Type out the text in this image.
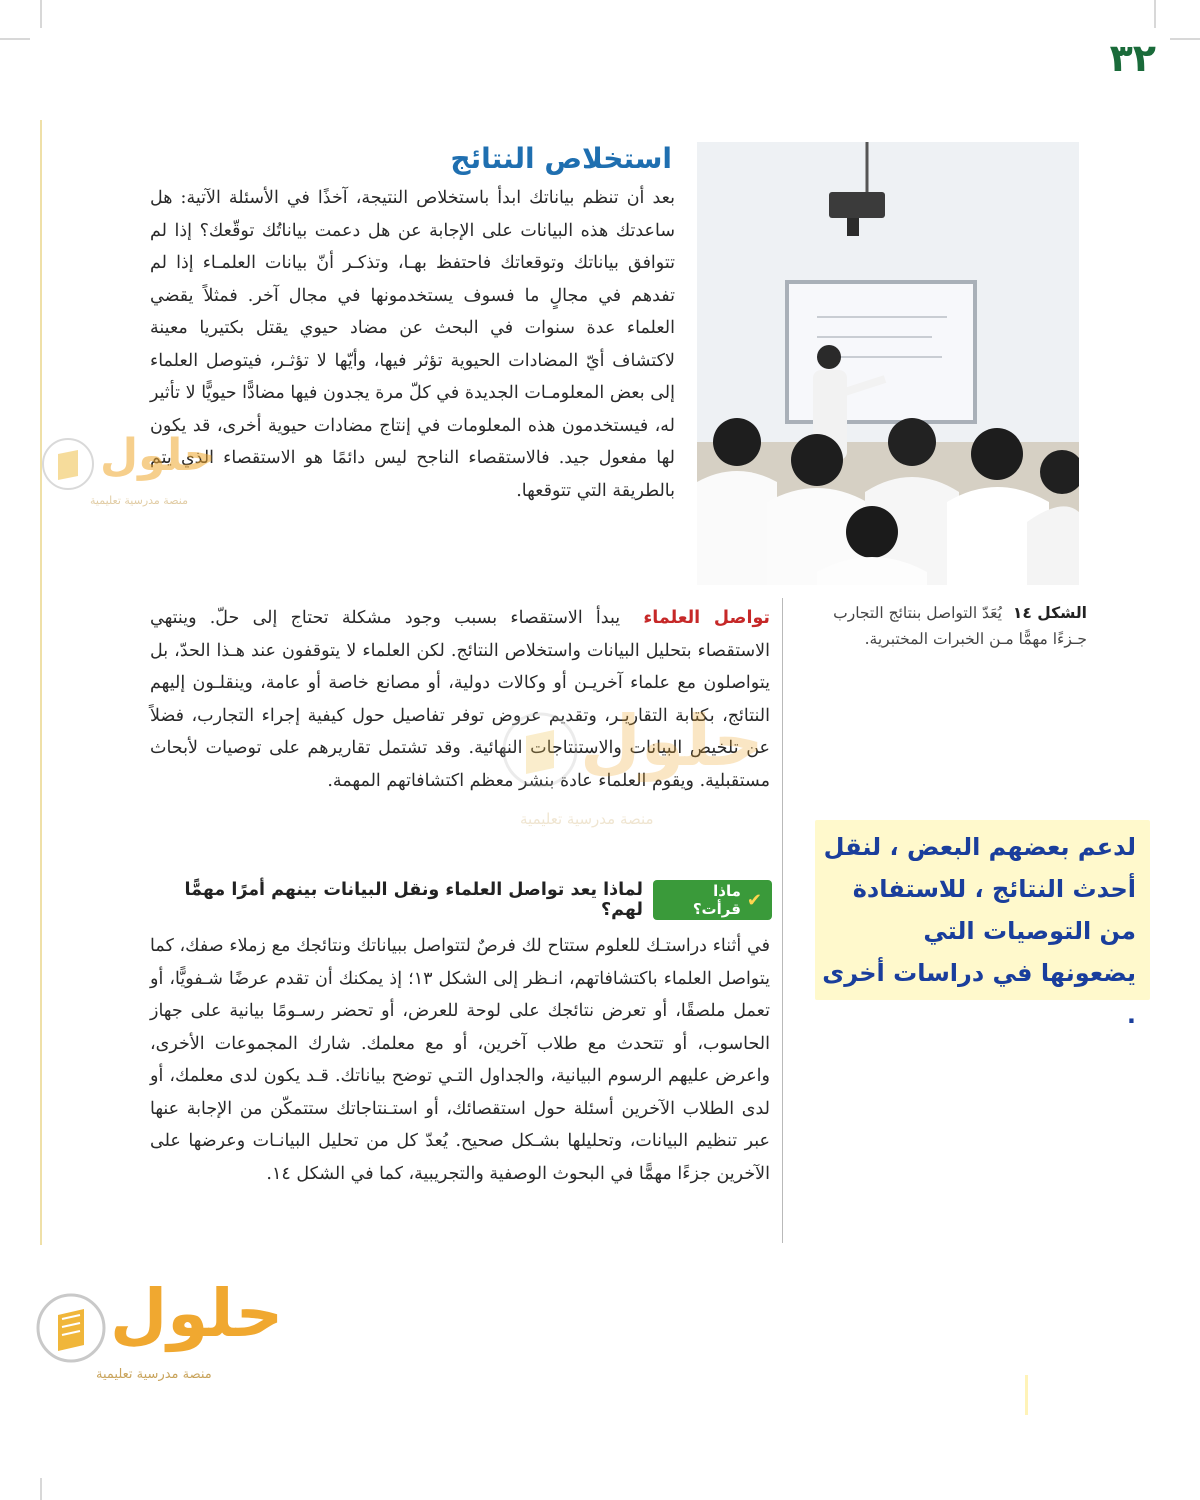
٣٢
استخلاص النتائج

بعد أن تنظم بياناتك ابدأ باستخلاص النتيجة، آخذًا في الأسئلة الآتية: هل ساعدتك هذه البيانات على الإجابة عن هل دعمت بياناتُك توقّعك؟ إذا لم تتوافق بياناتك وتوقعاتك فاحتفظ بهـا، وتذكـر أنّ بيانات العلمـاء إذا لم تفدهم في مجالٍ ما فسوف يستخدمونها في مجال آخر. فمثلاً يقضي العلماء عدة سنوات في البحث عن مضاد حيوي يقتل بكتيريا معينة لاكتشاف أيّ المضادات الحيوية تؤثر فيها، وأيّها لا تؤثـر، فيتوصل العلماء إلى بعض المعلومـات الجديدة في كلّ مرة يجدون فيها مضادًّا حيويًّا لا تأثير له، فيستخدمون هذه المعلومات في إنتاج مضادات حيوية أخرى، قد يكون لها مفعول جيد. فالاستقصاء الناجح ليس دائمًا هو الاستقصاء الذي يتم بالطريقة التي تتوقعها.

الشكل ١٤ يُعَدّ التواصل بنتائج التجارب جـزءًا مهمًّا مـن الخبرات المختبرية.

تواصل العلماء يبدأ الاستقصاء بسبب وجود مشكلة تحتاج إلى حلّ. وينتهي الاستقصاء بتحليل البيانات واستخلاص النتائج. لكن العلماء لا يتوقفون عند هـذا الحدّ، بل يتواصلون مع علماء آخريـن أو وكالات دولية، أو مصانع خاصة أو عامة، وينقلـون إليهم النتائج، بكتابة التقاريـر، وتقديم عروض توفر تفاصيل حول كيفية إجراء التجارب، فضلاً عن تلخيص البيانات والاستنتاجات النهائية. وقد تشتمل تقاريرهم على توصيات لأبحاث مستقبلية. ويقوم العلماء عادة بنشر معظم اكتشافاتهم المهمة.

✔
ماذا قرأت؟
لماذا يعد تواصل العلماء ونقل البيانات بينهم أمرًا مهمًّا لهم؟

في أثناء دراستـك للعلوم ستتاح لك فرصٌ لتتواصل ببياناتك ونتائجك مع زملاء صفك، كما يتواصل العلماء باكتشافاتهم، انـظر إلى الشكل ١٣؛ إذ يمكنك أن تقدم عرضًا شـفويًّا، أو تعمل ملصقًا، أو تعرض نتائجك على لوحة للعرض، أو تحضر رسـومًا بيانية على جهاز الحاسوب، أو تتحدث مع طلاب آخرين، أو مع معلمك. شارك المجموعات الأخرى، واعرض عليهم الرسوم البيانية، والجداول التـي توضح بياناتك. قـد يكون لدى معلمك، أو لدى الطلاب الآخرين أسئلة حول استقصائك، أو استـنتاجاتك ستتمكّن من الإجابة عنها عبر تنظيم البيانات، وتحليلها بشـكل صحيح. يُعدّ كل من تحليل البيانـات وعرضها على الآخرين جزءًا مهمًّا في البحوث الوصفية والتجريبية، كما في الشكل ١٤.

لدعم بعضهم البعض ، لنقل أحدث النتائج ، للاستفادة من التوصيات التي يضعونها في دراسات أخرى .
حلول
منصة مدرسية تعليمية
حلول
منصة مدرسية تعليمية
حلول
منصة مدرسية تعليمية
